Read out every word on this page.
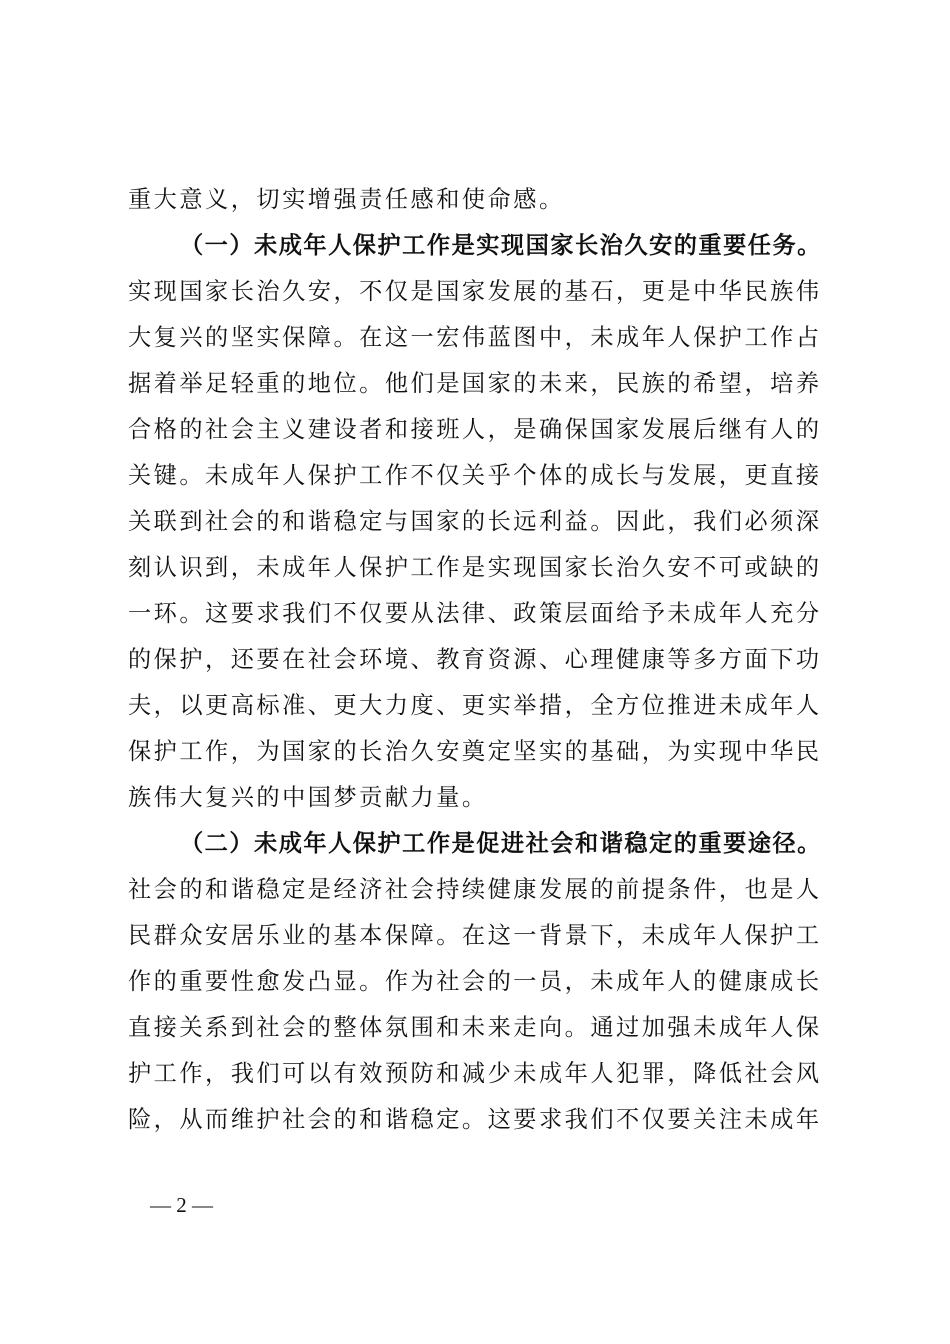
重大意义，切实增强责任感和使命感。
（一）未成年人保护工作是实现国家长治久安的重要任务。
实现国家长治久安，不仅是国家发展的基石，更是中华民族伟
大复兴的坚实保障。在这一宏伟蓝图中，未成年人保护工作占
据着举足轻重的地位。他们是国家的未来，民族的希望，培养
合格的社会主义建设者和接班人，是确保国家发展后继有人的
关键。未成年人保护工作不仅关乎个体的成长与发展，更直接
关联到社会的和谐稳定与国家的长远利益。因此，我们必须深
刻认识到，未成年人保护工作是实现国家长治久安不可或缺的
一环。这要求我们不仅要从法律、政策层面给予未成年人充分
的保护，还要在社会环境、教育资源、心理健康等多方面下功
夫，以更高标准、更大力度、更实举措，全方位推进未成年人
保护工作，为国家的长治久安奠定坚实的基础，为实现中华民
族伟大复兴的中国梦贡献力量。
（二）未成年人保护工作是促进社会和谐稳定的重要途径。
社会的和谐稳定是经济社会持续健康发展的前提条件，也是人
民群众安居乐业的基本保障。在这一背景下，未成年人保护工
作的重要性愈发凸显。作为社会的一员，未成年人的健康成长
直接关系到社会的整体氛围和未来走向。通过加强未成年人保
护工作，我们可以有效预防和减少未成年人犯罪，降低社会风
险，从而维护社会的和谐稳定。这要求我们不仅要关注未成年
— 2 —
